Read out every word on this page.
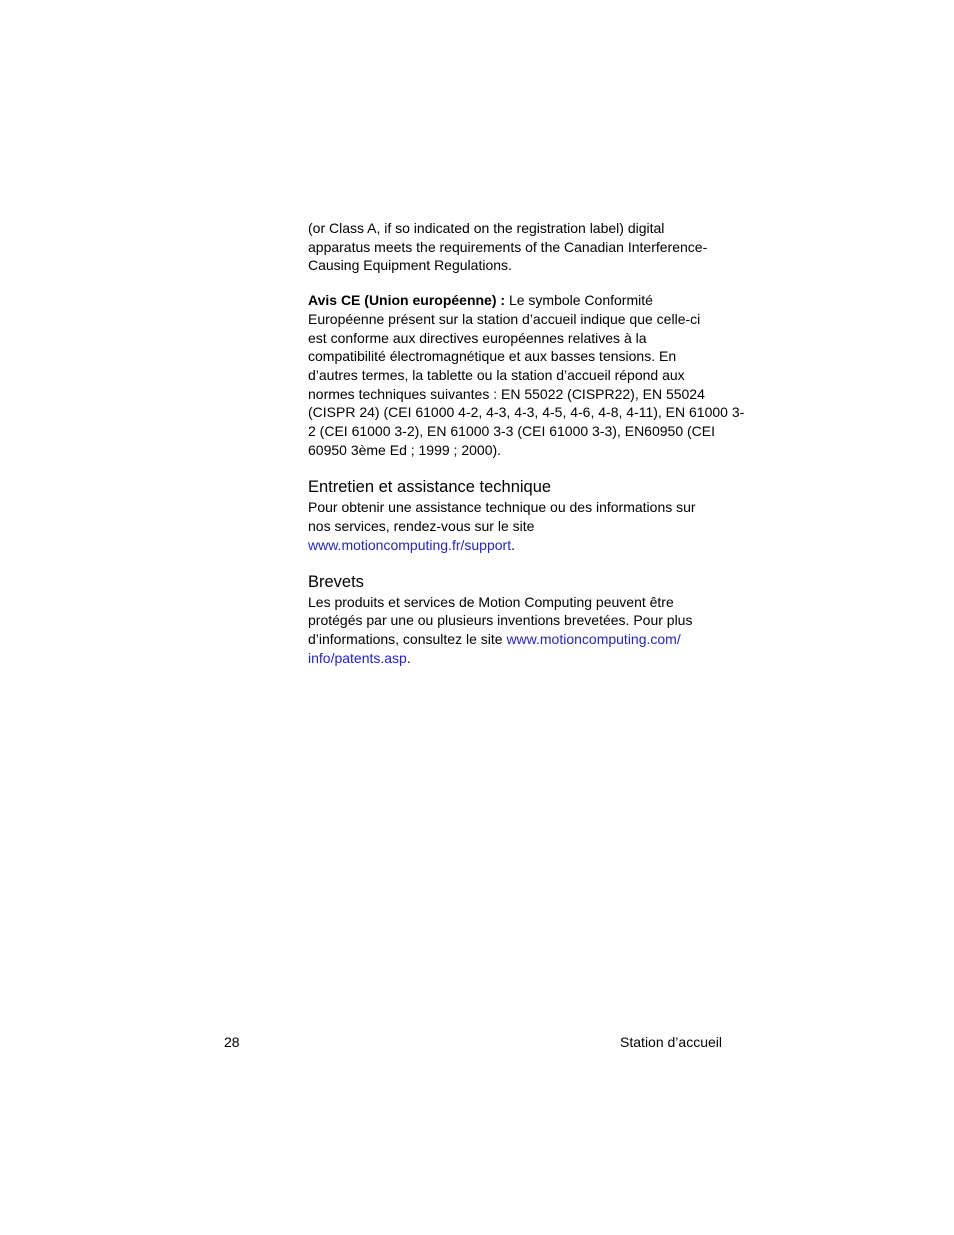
(or Class A, if so indicated on the registration label) digital
apparatus meets the requirements of the Canadian Interference-
Causing Equipment Regulations.

Avis CE (Union européenne) : Le symbole Conformité
Européenne présent sur la station d’accueil indique que celle-ci
est conforme aux directives européennes relatives à la
compatibilité électromagnétique et aux basses tensions. En
d’autres termes, la tablette ou la station d’accueil répond aux
normes techniques suivantes : EN 55022 (CISPR22), EN 55024
(CISPR 24) (CEI 61000 4-2, 4-3, 4-3, 4-5, 4-6, 4-8, 4-11), EN 61000 3-
2 (CEI 61000 3-2), EN 61000 3-3 (CEI 61000 3-3), EN60950 (CEI
60950 3ème Ed ; 1999 ; 2000).

Entretien et assistance technique

Pour obtenir une assistance technique ou des informations sur
nos services, rendez-vous sur le site
www.motioncomputing.fr/support.

Brevets

Les produits et services de Motion Computing peuvent être
protégés par une ou plusieurs inventions brevetées. Pour plus
d’informations, consultez le site www.motioncomputing.com/
info/patents.asp.

28	Station d’accueil
